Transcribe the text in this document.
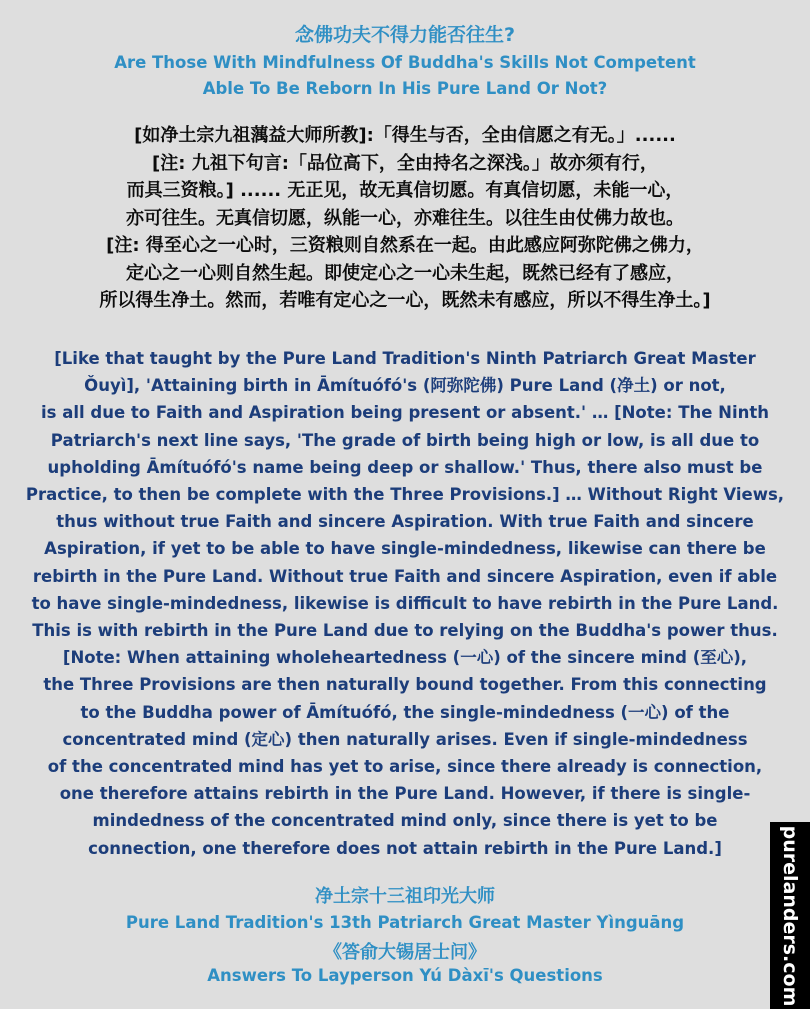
念佛功夫不得力能否往生?
Are Those With Mindfulness Of Buddha's Skills Not Competent
Able To Be Reborn In His Pure Land Or Not?
[如净土宗九祖蕅益大师所教]:「得生与否，全由信愿之有无。」......
[注: 九祖下句言:「品位高下，全由持名之深浅。」故亦须有行，
而具三资粮。] ...... 无正见，故无真信切愿。有真信切愿，未能一心，
亦可往生。无真信切愿，纵能一心，亦难往生。以往生由仗佛力故也。
[注: 得至心之一心时，三资粮则自然系在一起。由此感应阿弥陀佛之佛力，
定心之一心则自然生起。即使定心之一心未生起，既然已经有了感应，
所以得生净土。然而，若唯有定心之一心，既然未有感应，所以不得生净土。]
[Like that taught by the Pure Land Tradition's Ninth Patriarch Great Master
Ǒuyì], 'Attaining birth in Āmítuófó's (阿弥陀佛) Pure Land (净土) or not,
is all due to Faith and Aspiration being present or absent.' … [Note: The Ninth
Patriarch's next line says, 'The grade of birth being high or low, is all due to
upholding Āmítuófó's name being deep or shallow.' Thus, there also must be
Practice, to then be complete with the Three Provisions.] … Without Right Views,
thus without true Faith and sincere Aspiration. With true Faith and sincere
Aspiration, if yet to be able to have single-mindedness, likewise can there be
rebirth in the Pure Land. Without true Faith and sincere Aspiration, even if able
to have single-mindedness, likewise is difficult to have rebirth in the Pure Land.
This is with rebirth in the Pure Land due to relying on the Buddha's power thus.
[Note: When attaining wholeheartedness (一心) of the sincere mind (至心),
the Three Provisions are then naturally bound together. From this connecting
to the Buddha power of Āmítuófó, the single-mindedness (一心) of the
concentrated mind (定心) then naturally arises. Even if single-mindedness
of the concentrated mind has yet to arise, since there already is connection,
one therefore attains rebirth in the Pure Land. However, if there is single-
mindedness of the concentrated mind only, since there is yet to be
connection, one therefore does not attain rebirth in the Pure Land.]
净土宗十三祖印光大师
Pure Land Tradition's 13th Patriarch Great Master Yìnguāng
《答俞大锡居士问》
Answers To Layperson Yú Dàxī's Questions	purelanders.com
